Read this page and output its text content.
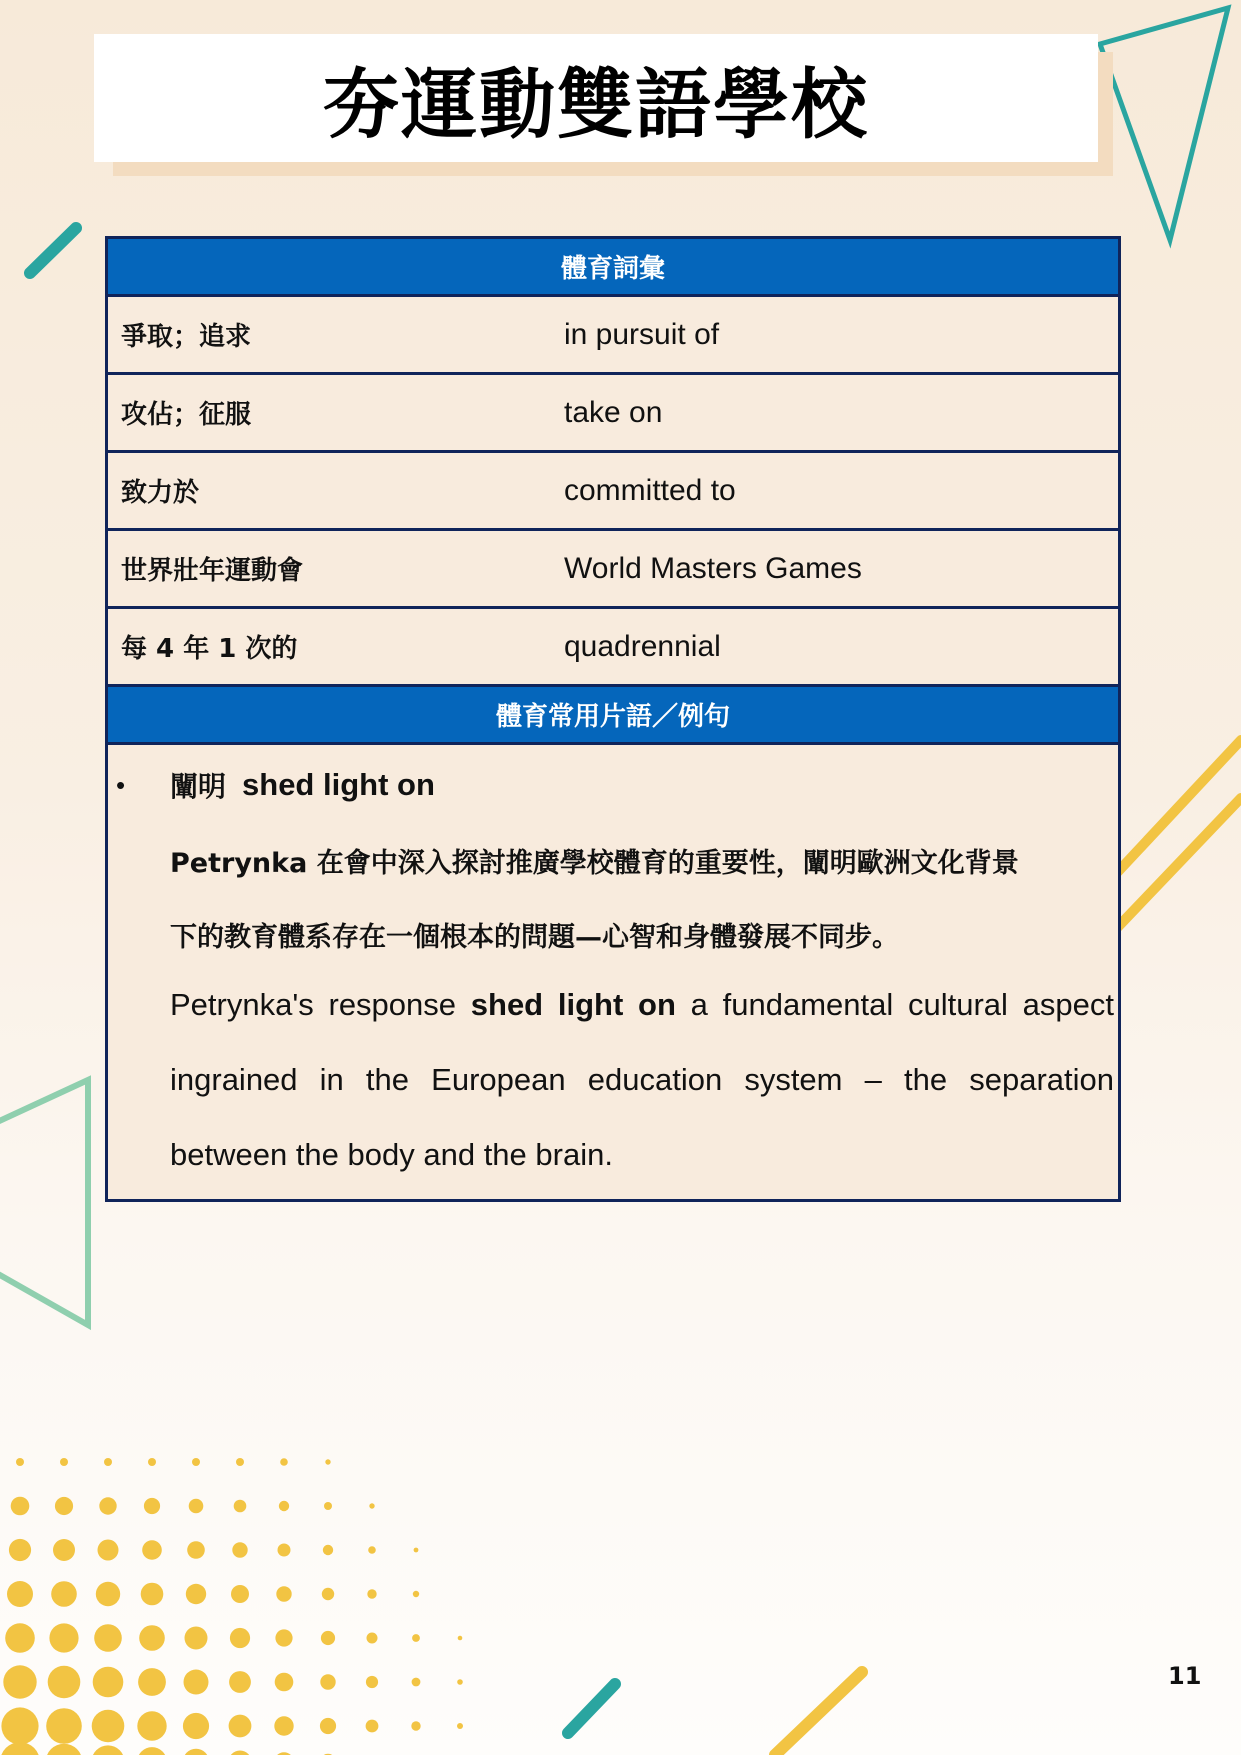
夯運動雙語學校
體育詞彙
爭取；追求	in pursuit of
攻佔；征服	take on
致力於	committed to
世界壯年運動會	World Masters Games
每 4 年 1 次的	quadrennial
體育常用片語／例句
•	闡明 shed light on
Petrynka 在會中深入探討推廣學校體育的重要性，闡明歐洲文化背景
下的教育體系存在一個根本的問題—心智和身體發展不同步。
Petrynka's response shed light on a fundamental cultural aspect
ingrained in the European education system – the separation
between the body and the brain.
11
